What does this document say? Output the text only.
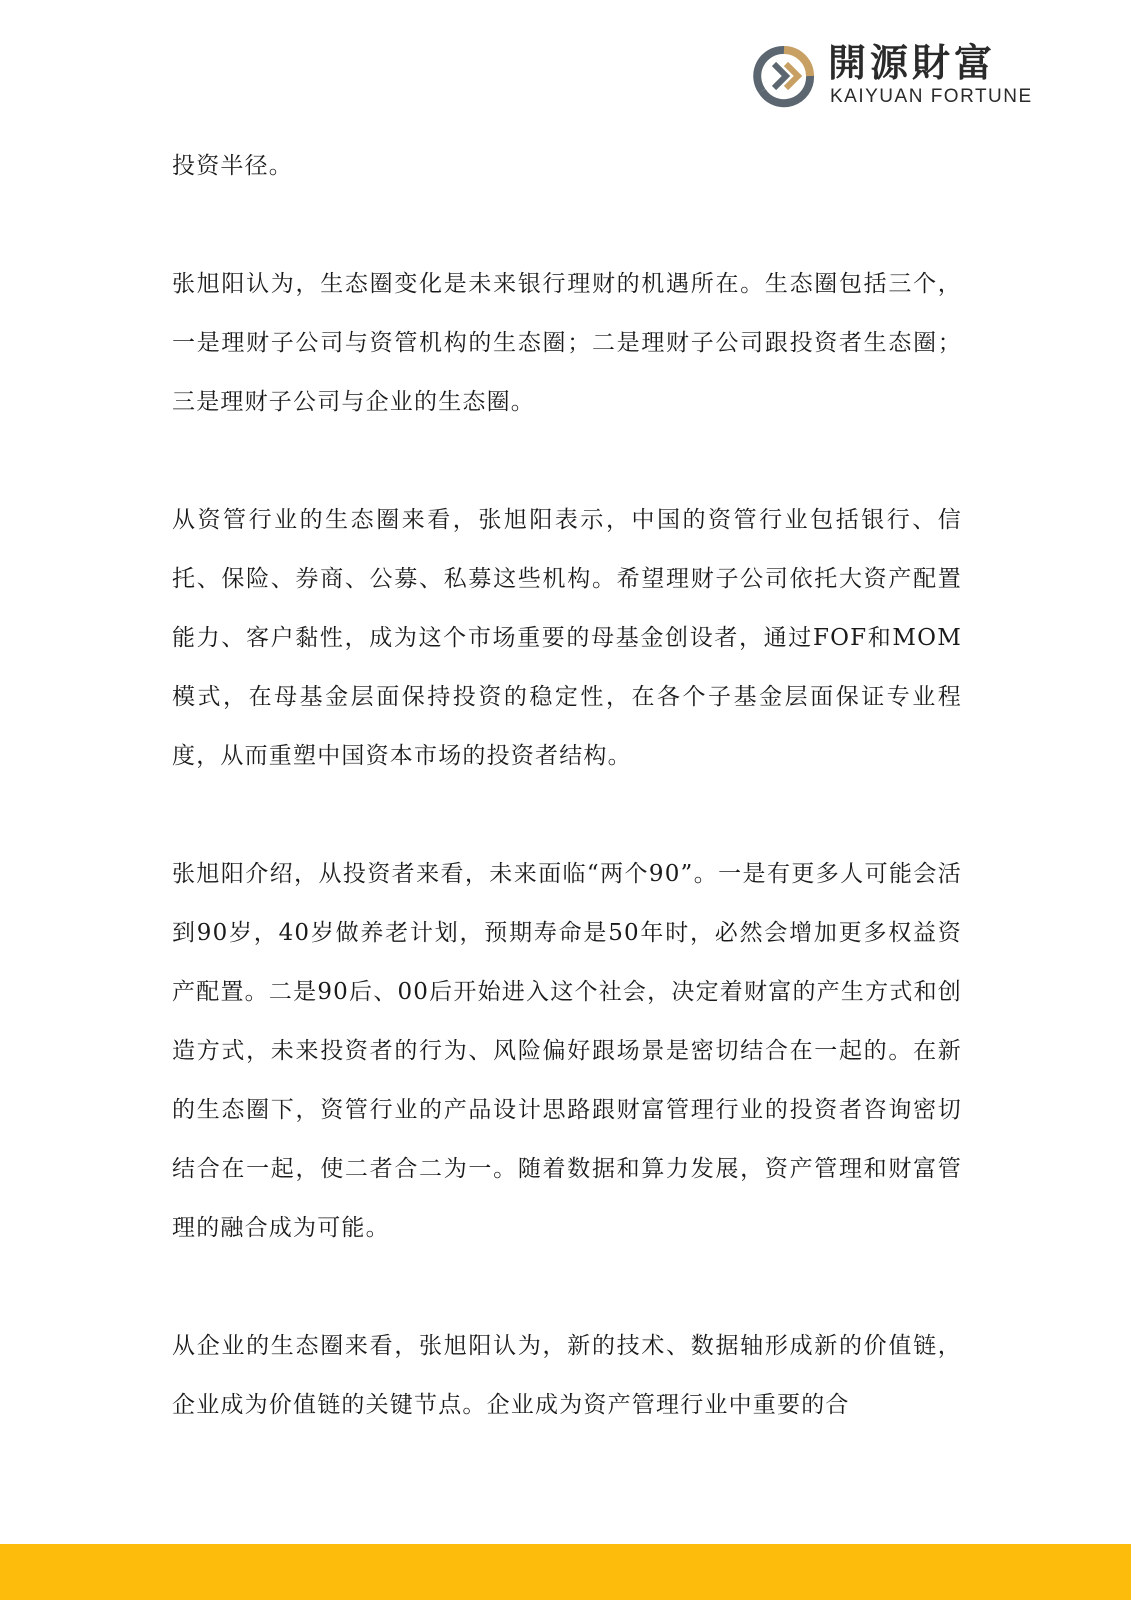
開源財富
KAIYUAN FORTUNE

投资半径。

张旭阳认为，生态圈变化是未来银行理财的机遇所在。生态圈包括三个，一是理财子公司与资管机构的生态圈；二是理财子公司跟投资者生态圈；三是理财子公司与企业的生态圈。

从资管行业的生态圈来看，张旭阳表示，中国的资管行业包括银行、信托、保险、券商、公募、私募这些机构。希望理财子公司依托大资产配置能力、客户黏性，成为这个市场重要的母基金创设者，通过FOF和MOM模式，在母基金层面保持投资的稳定性，在各个子基金层面保证专业程度，从而重塑中国资本市场的投资者结构。

张旭阳介绍，从投资者来看，未来面临“两个90”。一是有更多人可能会活到90岁，40岁做养老计划，预期寿命是50年时，必然会增加更多权益资产配置。二是90后、00后开始进入这个社会，决定着财富的产生方式和创造方式，未来投资者的行为、风险偏好跟场景是密切结合在一起的。在新的生态圈下，资管行业的产品设计思路跟财富管理行业的投资者咨询密切结合在一起，使二者合二为一。随着数据和算力发展，资产管理和财富管理的融合成为可能。

从企业的生态圈来看，张旭阳认为，新的技术、数据轴形成新的价值链，企业成为价值链的关键节点。企业成为资产管理行业中重要的合
